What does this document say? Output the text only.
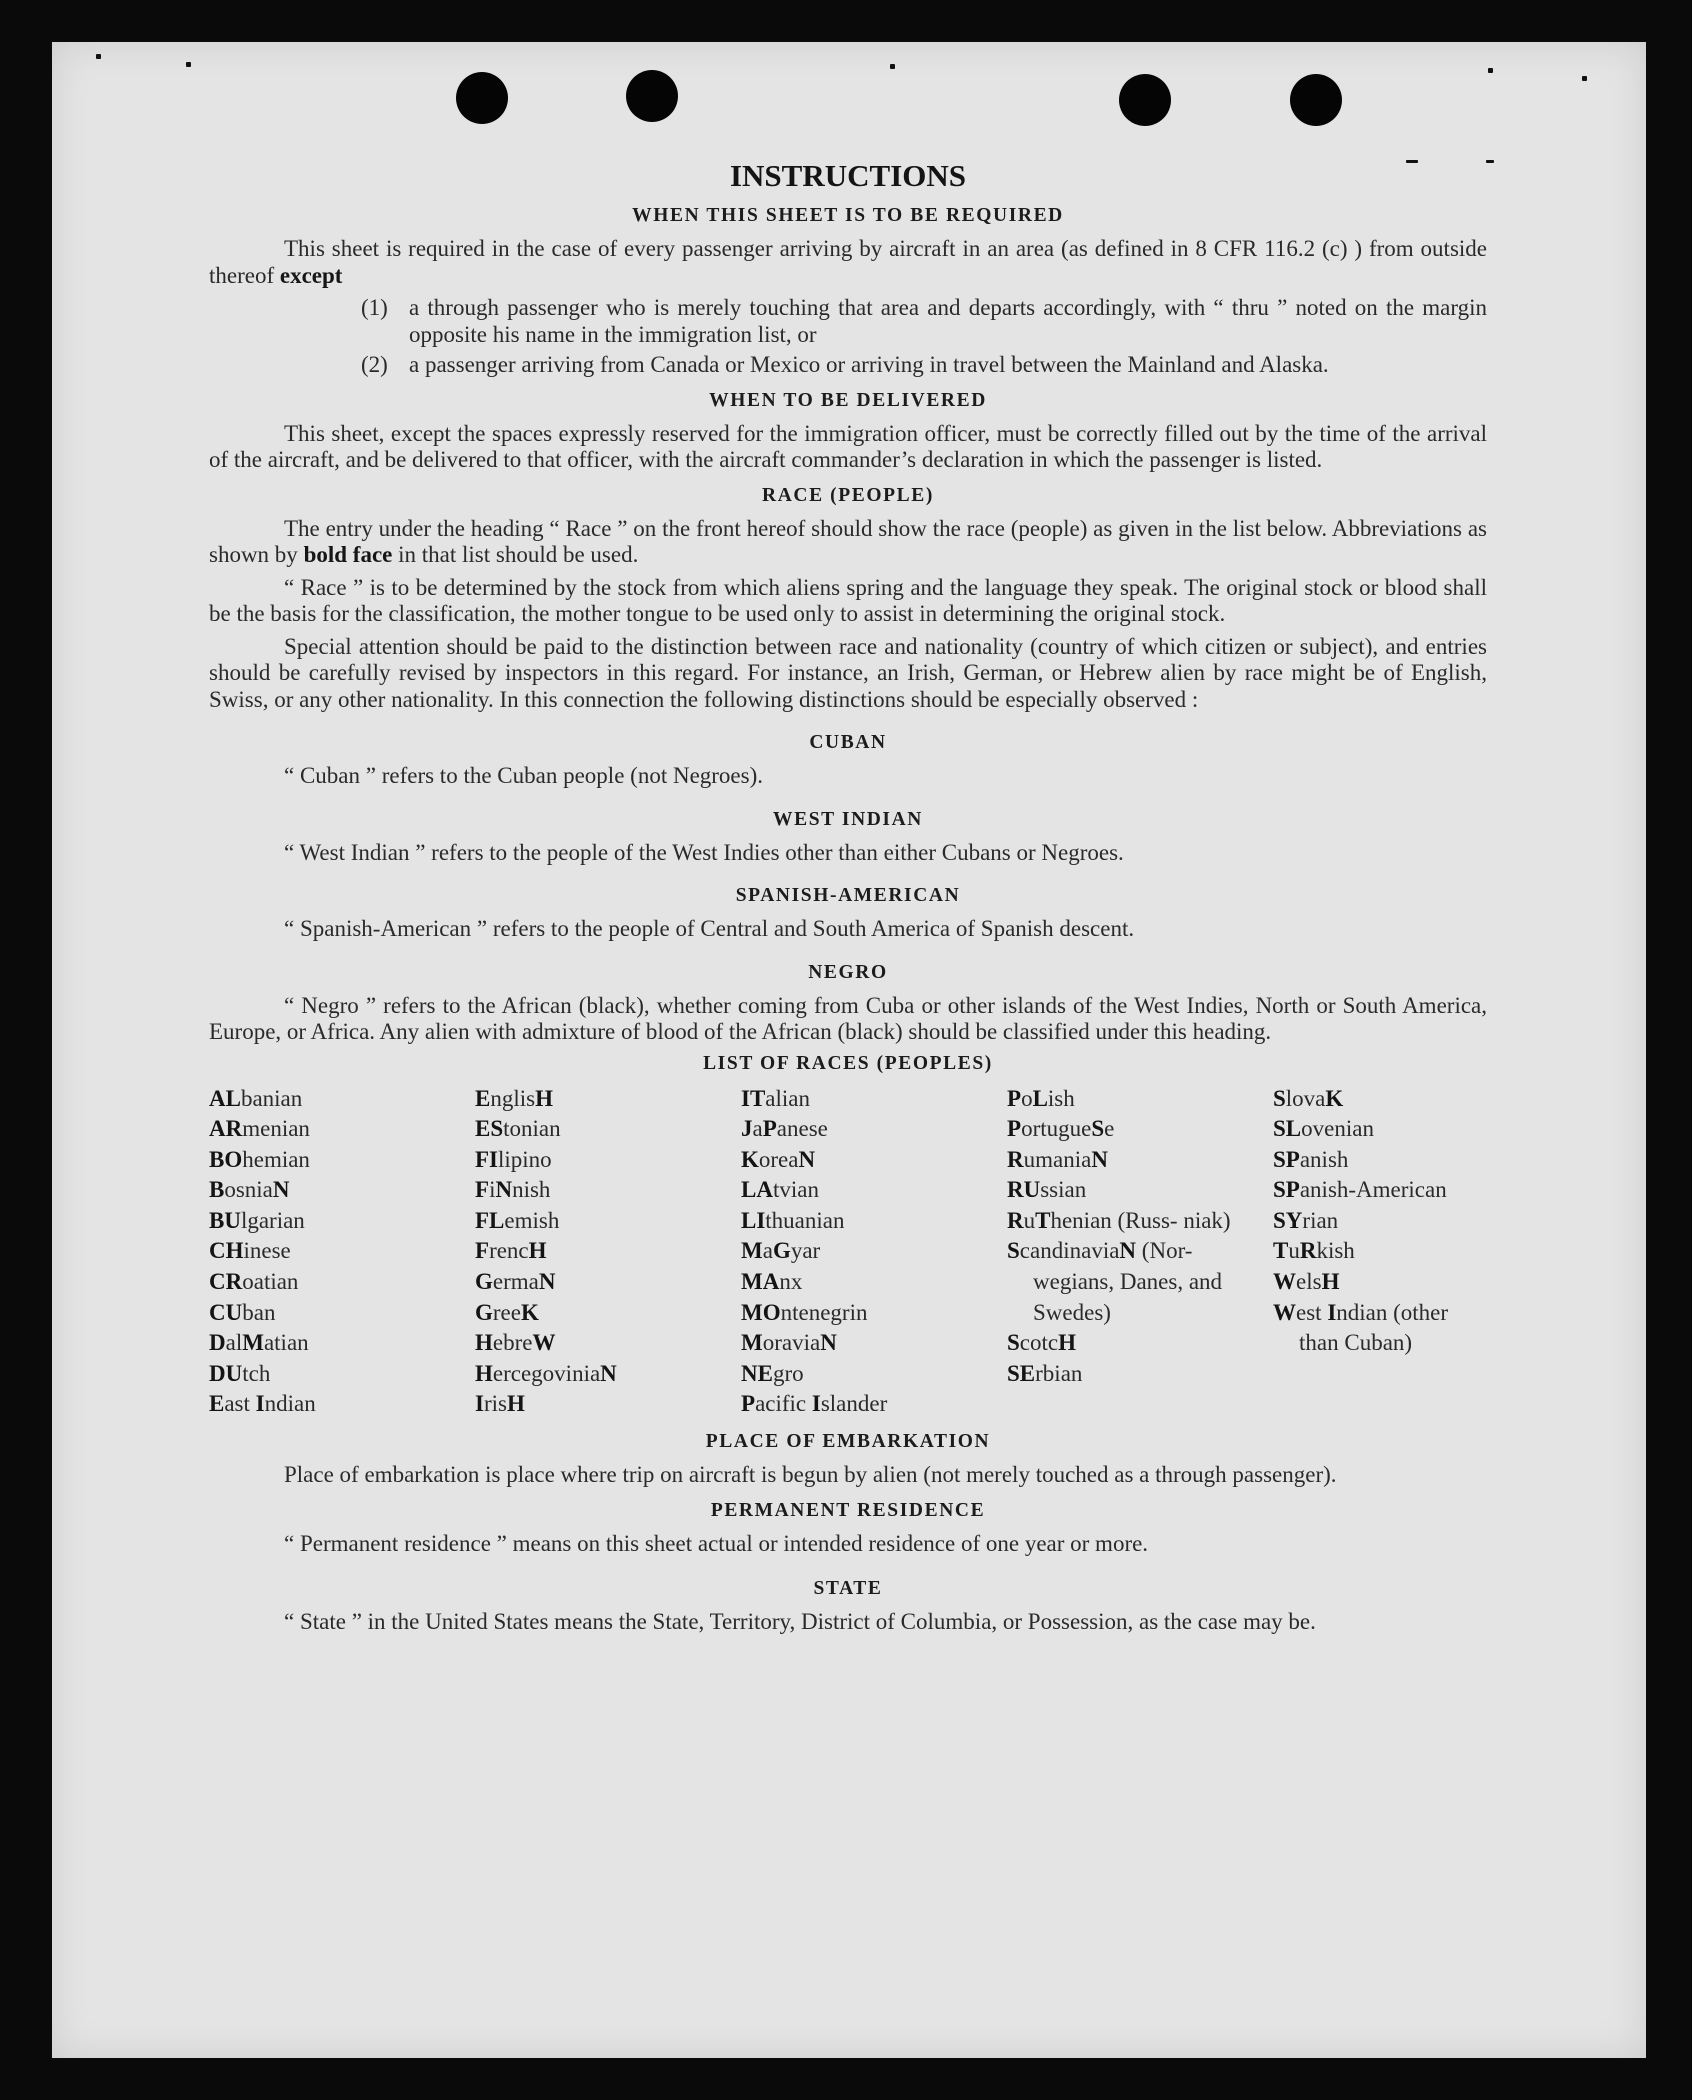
INSTRUCTIONS
WHEN THIS SHEET IS TO BE REQUIRED

This sheet is required in the case of every passenger arriving by aircraft in an area (as defined in 8 CFR 116.2 (c) ) from outside thereof except

(1) a through passenger who is merely touching that area and departs accordingly, with “ thru ” noted on the margin opposite his name in the immigration list, or
(2) a passenger arriving from Canada or Mexico or arriving in travel between the Mainland and Alaska.
WHEN TO BE DELIVERED

This sheet, except the spaces expressly reserved for the immigration officer, must be correctly filled out by the time of the arrival of the aircraft, and be delivered to that officer, with the aircraft commander’s declaration in which the passenger is listed.

RACE (PEOPLE)

The entry under the heading “ Race ” on the front hereof should show the race (people) as given in the list below. Abbreviations as shown by bold face in that list should be used.

“ Race ” is to be determined by the stock from which aliens spring and the language they speak. The original stock or blood shall be the basis for the classification, the mother tongue to be used only to assist in determining the original stock.

Special attention should be paid to the distinction between race and nationality (country of which citizen or subject), and entries should be carefully revised by inspectors in this regard. For instance, an Irish, German, or Hebrew alien by race might be of English, Swiss, or any other nationality. In this connection the following distinctions should be especially observed :

CUBAN

“ Cuban ” refers to the Cuban people (not Negroes).

WEST INDIAN

“ West Indian ” refers to the people of the West Indies other than either Cubans or Negroes.

SPANISH-AMERICAN

“ Spanish-American ” refers to the people of Central and South America of Spanish descent.

NEGRO

“ Negro ” refers to the African (black), whether coming from Cuba or other islands of the West Indies, North or South America, Europe, or Africa. Any alien with admixture of blood of the African (black) should be classified under this heading.

LIST OF RACES (PEOPLES)
ALbanian
ARmenian
BOhemian
BosniaN
BUlgarian
CHinese
CRoatian
CUban
DalMatian
DUtch
East Indian
EnglisH
EStonian
FIlipino
FiNnish
FLemish
FrencH
GermaN
GreeK
HebreW
HercegoviniaN
IrisH
ITalian
JaPanese
KoreaN
LAtvian
LIthuanian
MaGyar
MAnx
MOntenegrin
MoraviaN
NEgro
Pacific Islander
PoLish
PortugueSe
RumaniaN
RUssian
RuThenian (Russ- niak)
ScandinaviaN (Nor- wegians, Danes, and Swedes)
ScotcH
SErbian
SlovaK
SLovenian
SPanish
SPanish-American
SYrian
TuRkish
WelsH
West Indian (other than Cuban)
PLACE OF EMBARKATION

Place of embarkation is place where trip on aircraft is begun by alien (not merely touched as a through passenger).

PERMANENT RESIDENCE

“ Permanent residence ” means on this sheet actual or intended residence of one year or more.

STATE

“ State ” in the United States means the State, Territory, District of Columbia, or Possession, as the case may be.
